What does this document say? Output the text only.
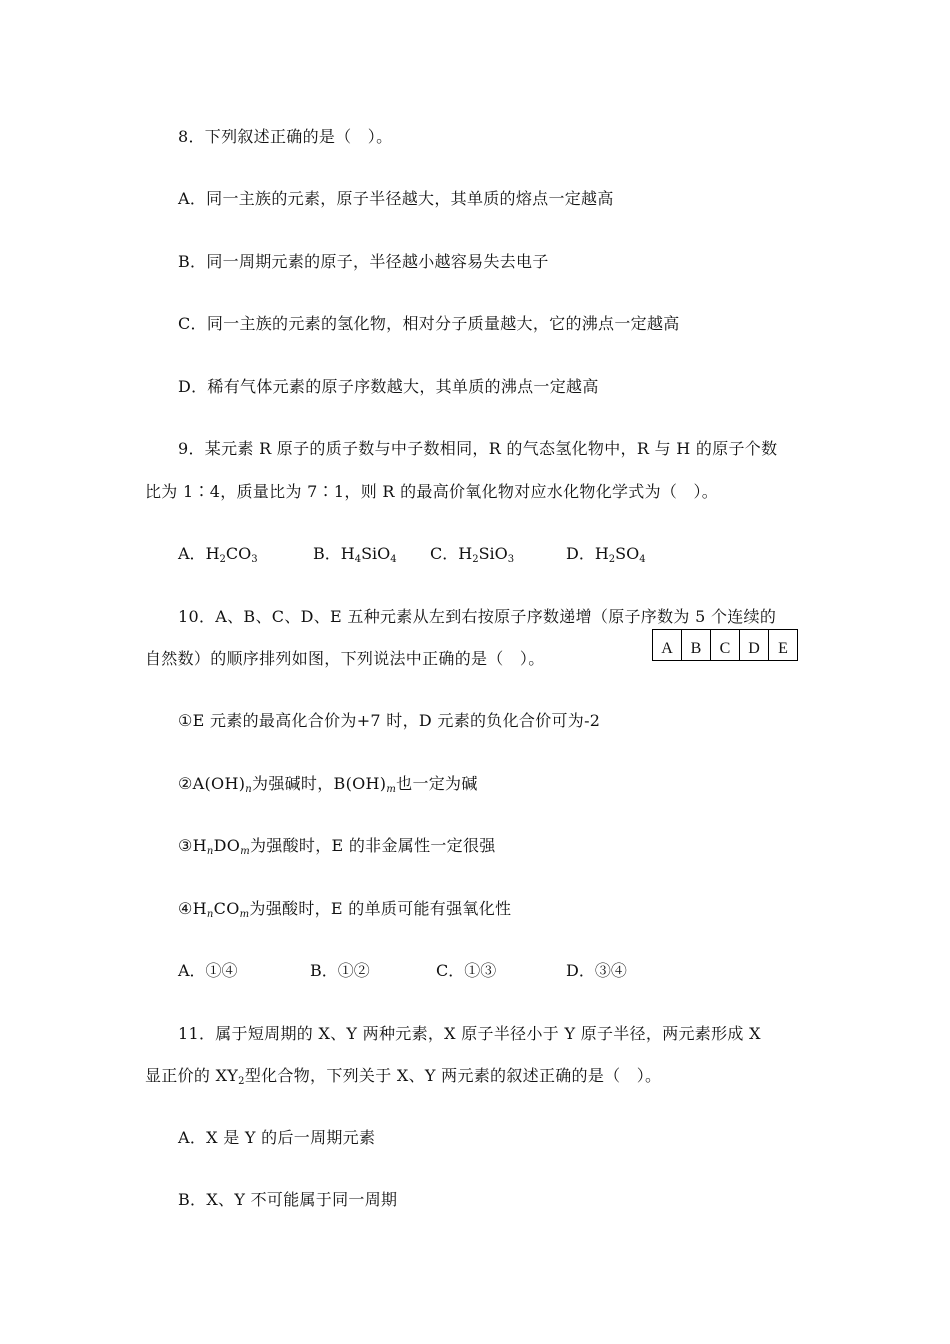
8．下列叙述正确的是（　）。
A．同一主族的元素，原子半径越大，其单质的熔点一定越高
B．同一周期元素的原子，半径越小越容易失去电子
C．同一主族的元素的氢化物，相对分子质量越大，它的沸点一定越高
D．稀有气体元素的原子序数越大，其单质的沸点一定越高
9．某元素 R 原子的质子数与中子数相同，R 的气态氢化物中，R 与 H 的原子个数
比为 1∶4，质量比为 7∶1，则 R 的最高价氧化物对应水化物化学式为（　）。
A．$H_2CO_3$	B．$H_4SiO_4$ C．$H_2SiO_3$	D．$H_2SO_4$
10．A、B、C、D、E 五种元素从左到右按原子序数递增（原子序数为 5 个连续的
自然数）的顺序排列如图，下列说法中正确的是（　）。
A	B	C	D	E
①E 元素的最高化合价为+7 时，D 元素的负化合价可为-2
$②A(OH)_n$为强碱时，$B(OH)_m$也一定为碱
$③H_nDO_m$为强酸时，E 的非金属性一定很强
$④H_nCO_m$为强酸时，E 的单质可能有强氧化性
A．①④	B．①②	C．①③	D．③④
11．属于短周期的 X、Y 两种元素，X 原子半径小于 Y 原子半径，两元素形成 X
显正价的 $XY_2$型化合物，下列关于 X、Y 两元素的叙述正确的是（　）。
A．X 是 Y 的后一周期元素
B．X、Y 不可能属于同一周期
